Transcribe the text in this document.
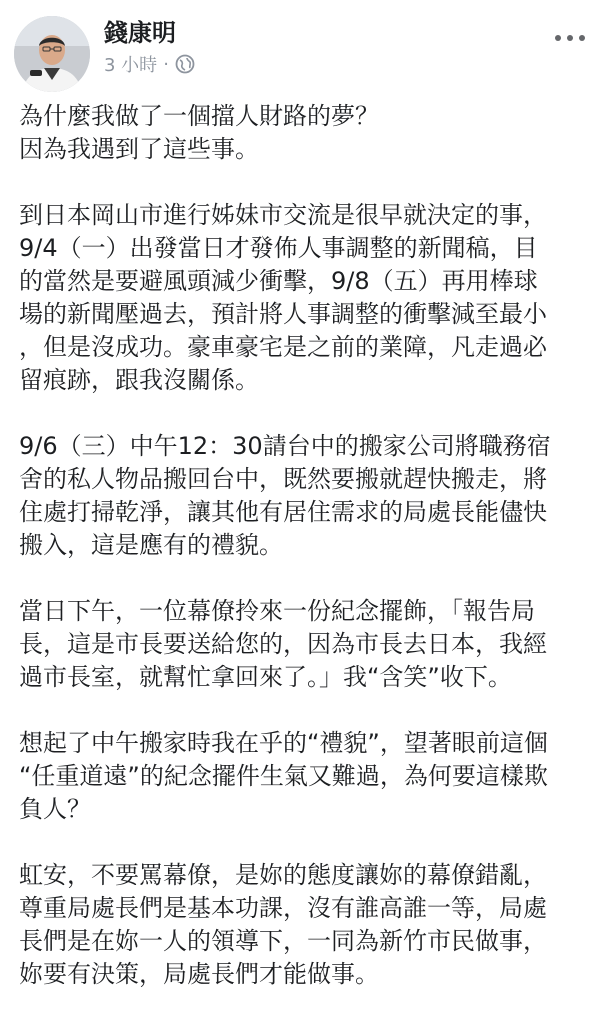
錢康明
3 小時 ·
為什麼我做了一個擋人財路的夢？
因為我遇到了這些事。
到日本岡山市進行姊妹市交流是很早就決定的事，
9/4（一）出發當日才發佈人事調整的新聞稿，目
的當然是要避風頭減少衝擊，9/8（五）再用棒球
場的新聞壓過去，預計將人事調整的衝擊減至最小
，但是沒成功。豪車豪宅是之前的業障，凡走過必
留痕跡，跟我沒關係。
9/6（三）中午12：30請台中的搬家公司將職務宿
舍的私人物品搬回台中，既然要搬就趕快搬走，將
住處打掃乾淨，讓其他有居住需求的局處長能儘快
搬入，這是應有的禮貌。
當日下午，一位幕僚拎來一份紀念擺飾，「報告局
長，這是市長要送給您的，因為市長去日本，我經
過市長室，就幫忙拿回來了。」我“含笑”收下。
想起了中午搬家時我在乎的“禮貌”，望著眼前這個
“任重道遠”的紀念擺件生氣又難過，為何要這樣欺
負人？
虹安，不要罵幕僚，是妳的態度讓妳的幕僚錯亂，
尊重局處長們是基本功課，沒有誰高誰一等，局處
長們是在妳一人的領導下，一同為新竹市民做事，
妳要有決策，局處長們才能做事。
